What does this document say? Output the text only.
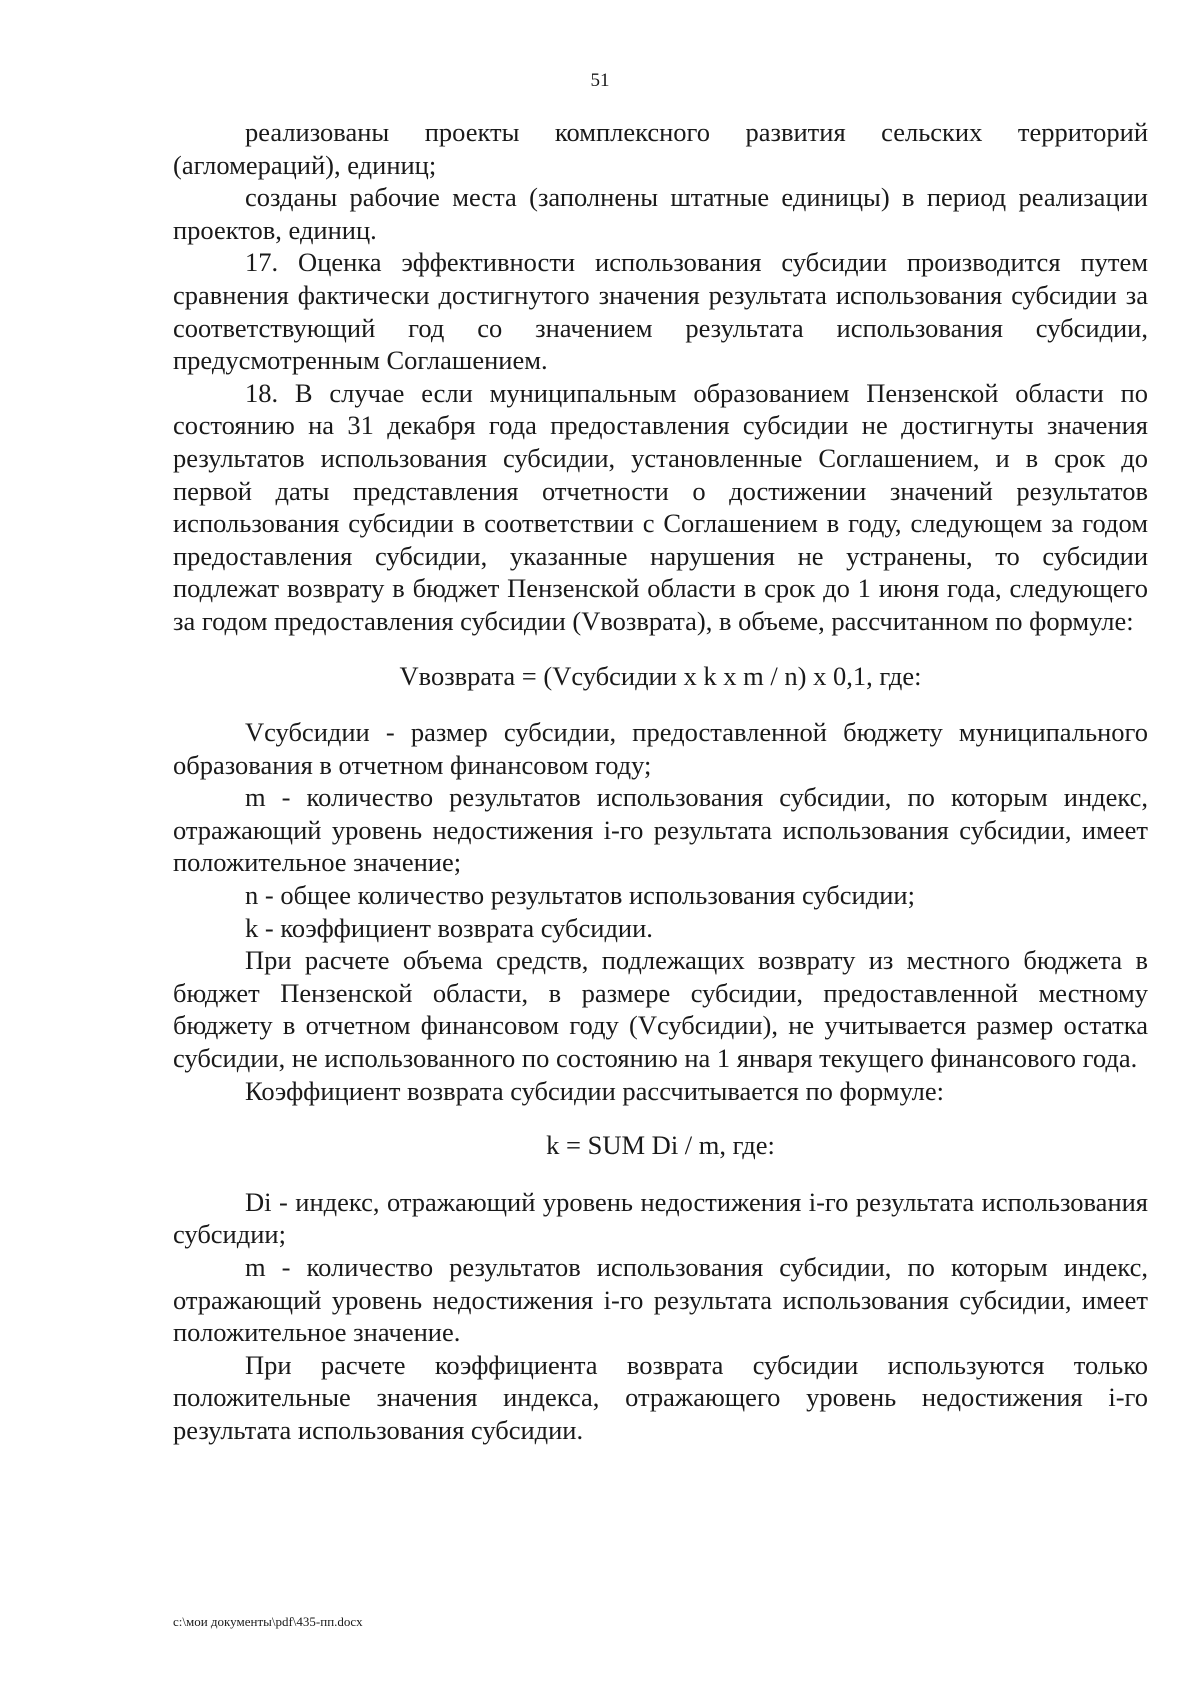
51

реализованы проекты комплексного развития сельских территорий (агломераций), единиц;

созданы рабочие места (заполнены штатные единицы) в период реализации проектов, единиц.

17. Оценка эффективности использования субсидии производится путем сравнения фактически достигнутого значения результата использования субсидии за соответствующий год со значением результата использования субсидии, предусмотренным Соглашением.

18. В случае если муниципальным образованием Пензенской области по состоянию на 31 декабря года предоставления субсидии не достигнуты значения результатов использования субсидии, установленные Соглашением, и в срок до первой даты представления отчетности о достижении значений результатов использования субсидии в соответствии с Соглашением в году, следующем за годом предоставления субсидии, указанные нарушения не устранены, то субсидии подлежат возврату в бюджет Пензенской области в срок до 1 июня года, следующего за годом предоставления субсидии (Vвозврата), в объеме, рассчитанном по формуле:

Vвозврата = (Vсубсидии x k x m / n) x 0,1, где:

Vсубсидии - размер субсидии, предоставленной бюджету муниципального образования в отчетном финансовом году;

m - количество результатов использования субсидии, по которым индекс, отражающий уровень недостижения i-го результата использования субсидии, имеет положительное значение;

n - общее количество результатов использования субсидии;

k - коэффициент возврата субсидии.

При расчете объема средств, подлежащих возврату из местного бюджета в бюджет Пензенской области, в размере субсидии, предоставленной местному бюджету в отчетном финансовом году (Vсубсидии), не учитывается размер остатка субсидии, не использованного по состоянию на 1 января текущего финансового года.

Коэффициент возврата субсидии рассчитывается по формуле:

k = SUM Di / m, где:

Di - индекс, отражающий уровень недостижения i-го результата использования субсидии;

m - количество результатов использования субсидии, по которым индекс, отражающий уровень недостижения i-го результата использования субсидии, имеет положительное значение.

При расчете коэффициента возврата субсидии используются только положительные значения индекса, отражающего уровень недостижения i-го результата использования субсидии.

c:\мои документы\pdf\435-пп.docx
